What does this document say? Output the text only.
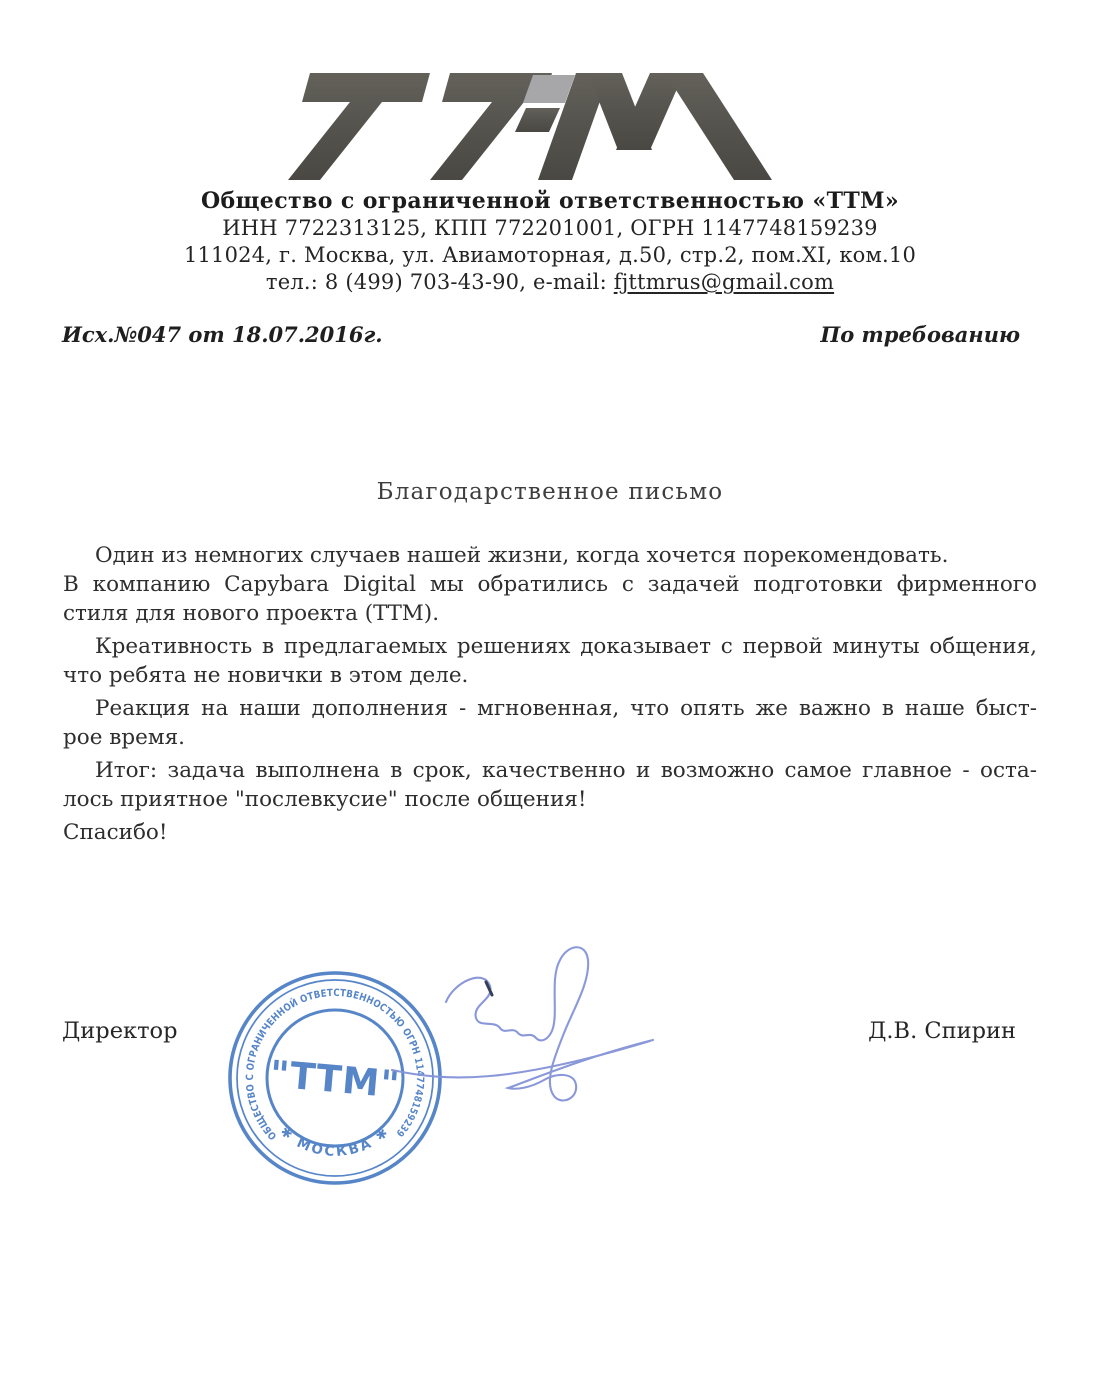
Общество с ограниченной ответственностью «ТТМ»
ИНН 7722313125, КПП 772201001, ОГРН 1147748159239
111024, г. Москва, ул. Авиамоторная, д.50, стр.2, пом.XI, ком.10
тел.: 8 (499) 703-43-90, e-mail: fjttmrus@gmail.com
Исх.№047 от 18.07.2016г.	По требованию
Благодарственное письмо
Один из немногих случаев нашей жизни, когда хочется порекомендовать.
В компанию Capybara Digital мы обратились с задачей подготовки фирменного
стиля для нового проекта (ТТМ).
Креативность в предлагаемых решениях доказывает с первой минуты общения,
что ребята не новички в этом деле.
Реакция на наши дополнения - мгновенная, что опять же важно в наше быст-
рое время.
Итог: задача выполнена в срок, качественно и возможно самое главное - оста-
лось приятное "послевкусие" после общения!
Спасибо!
Директор	Д.В. Спирин
ОБЩЕСТВО С ОГРАНИЧЕННОЙ ОТВЕТСТВЕННОСТЬЮ ОГРН 1147748159239
✱ МОСКВА ✱
"ТТМ"
